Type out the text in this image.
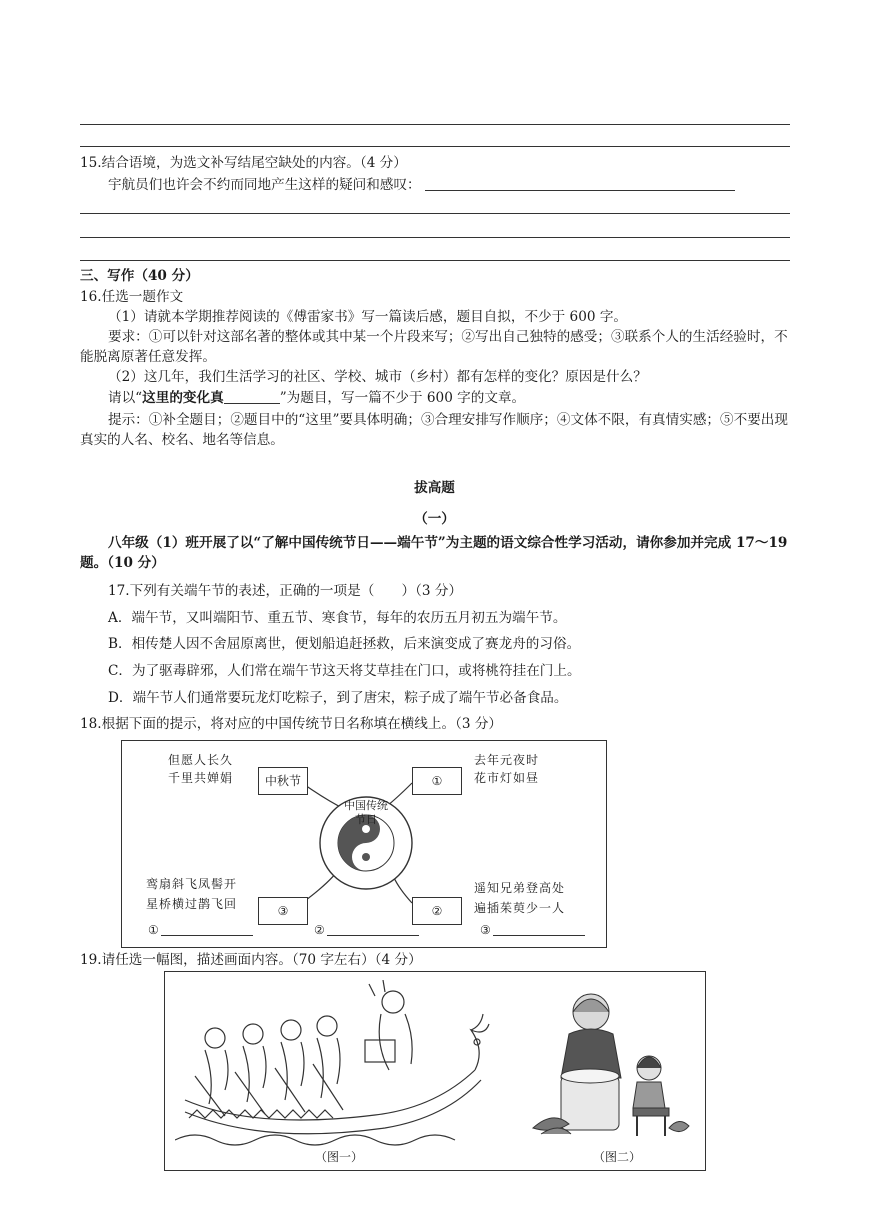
15.结合语境，为选文补写结尾空缺处的内容。（4 分）
宇航员们也许会不约而同地产生这样的疑问和感叹：
三、写作（40 分）
16.任选一题作文
（1）请就本学期推荐阅读的《傅雷家书》写一篇读后感，题目自拟，不少于 600 字。
要求：①可以针对这部名著的整体或其中某一个片段来写；②写出自己独特的感受；③联系个人的生活经验时，不能脱离原著任意发挥。
（2）这几年，我们生活学习的社区、学校、城市（乡村）都有怎样的变化？原因是什么？
请以“这里的变化真	”为题目，写一篇不少于 600 字的文章。
提示：①补全题目；②题目中的“这里”要具体明确；③合理安排写作顺序；④文体不限，有真情实感；⑤不要出现真实的人名、校名、地名等信息。
拔高题
（一）
八年级（1）班开展了以“了解中国传统节日——端午节”为主题的语文综合性学习活动，请你参加并完成 17～19 题。（10 分）
17.下列有关端午节的表述，正确的一项是（　　）（3 分）
A．端午节，又叫端阳节、重五节、寒食节，每年的农历五月初五为端午节。
B．相传楚人因不舍屈原离世，便划船追赶拯救，后来演变成了赛龙舟的习俗。
C．为了驱毒辟邪，人们常在端午节这天将艾草挂在门口，或将桃符挂在门上。
D．端午节人们通常要玩龙灯吃粽子，到了唐宋，粽子成了端午节必备食品。
18.根据下面的提示，将对应的中国传统节日名称填在横线上。（3 分）
中国传统节日
但愿人长久
千里共婵娟	中秋节	①
去年元夜时
花市灯如昼
鸾扇斜飞凤髻开
星桥横过鹊飞回	③	②
遥知兄弟登高处
遍插茱萸少一人
①	②	③
19.请任选一幅图，描述画面内容。（70 字左右）（4 分）
（图一）	（图二）
